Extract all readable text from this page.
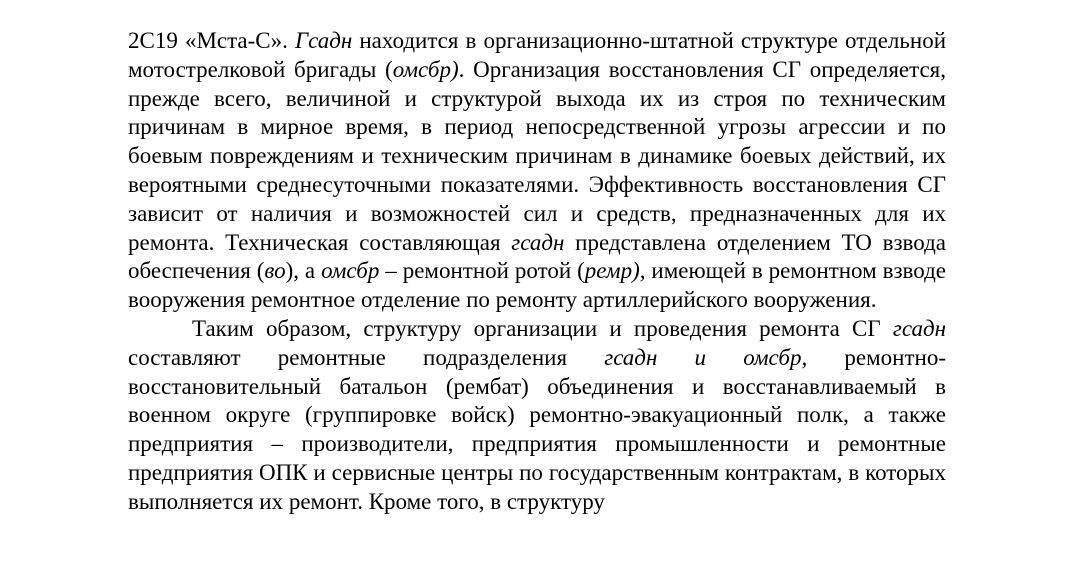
2С19 «Мста-С». Гсадн находится в организационно-штатной структуре отдельной мотострелковой бригады (омсбр). Организация восстановления СГ определяется, прежде всего, величиной и структурой выхода их из строя по техническим причинам в мирное время, в период непосредственной угрозы агрессии и по боевым повреждениям и техническим причинам в динамике боевых действий, их вероятными среднесуточными показателями. Эффективность восстановления СГ зависит от наличия и возможностей сил и средств, предназначенных для их ремонта. Техническая составляющая гсадн представлена отделением ТО взвода обеспечения (во), а омсбр – ремонтной ротой (ремр), имеющей в ремонтном взводе вооружения ремонтное отделение по ремонту артиллерийского вооружения.

Таким образом, структуру организации и проведения ремонта СГ гсадн составляют ремонтные подразделения гсадн и омсбр, ремонтно-восстановительный батальон (рембат) объединения и восстанавливаемый в военном округе (группировке войск) ремонтно-эвакуационный полк, а также предприятия – производители, предприятия промышленности и ремонтные предприятия ОПК и сервисные центры по государственным контрактам, в которых выполняется их ремонт. Кроме того, в структуру
